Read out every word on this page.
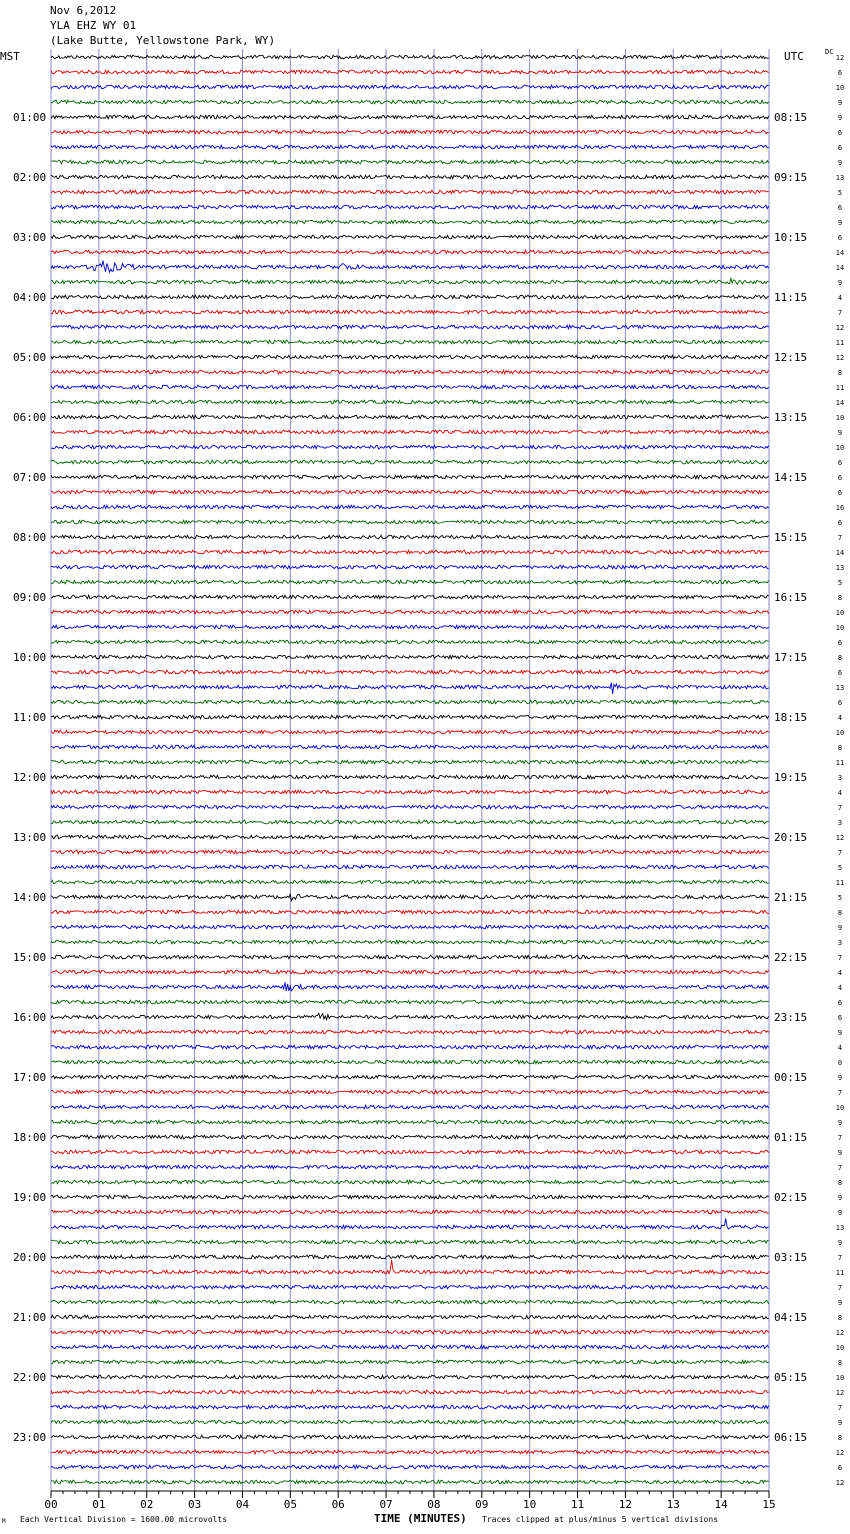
Nov 6,2012
YLA EHZ WY 01
(Lake Butte, Yellowstone Park, WY)
MST	UTC	DC
12
6
10
9
9
6
6
9
13
5
6
9
6
14
14
9
4
7
12
11
12
8
11
14
10
9
10
6
6
6
16
6
7
14
13
5
8
10
10
6
8
6
13
6
4
10
8
11
3
4
7
3
12
7
5
11
5
8
9
3
7
4
4
6
6
9
4
0
9
7
10
9
7
9
7
8
9
9
13
9
7
11
7
9
8
12
10
8
10
12
7
9
8
12
6
12
01:00	08:15
02:00	09:15
03:00	10:15
04:00	11:15
05:00	12:15
06:00	13:15
07:00	14:15
08:00	15:15
09:00	16:15
10:00	17:15
11:00	18:15
12:00	19:15
13:00	20:15
14:00	21:15
15:00	22:15
16:00	23:15
17:00	00:15
18:00	01:15
19:00	02:15
20:00	03:15
21:00	04:15
22:00	05:15
23:00	06:15
00	01	02	03	04	05	06	07	08	09	10	11	12	13	14	15
M Each Vertical Division = 1600.00 microvolts	TIME (MINUTES) Traces clipped at plus/minus 5 vertical divisions
